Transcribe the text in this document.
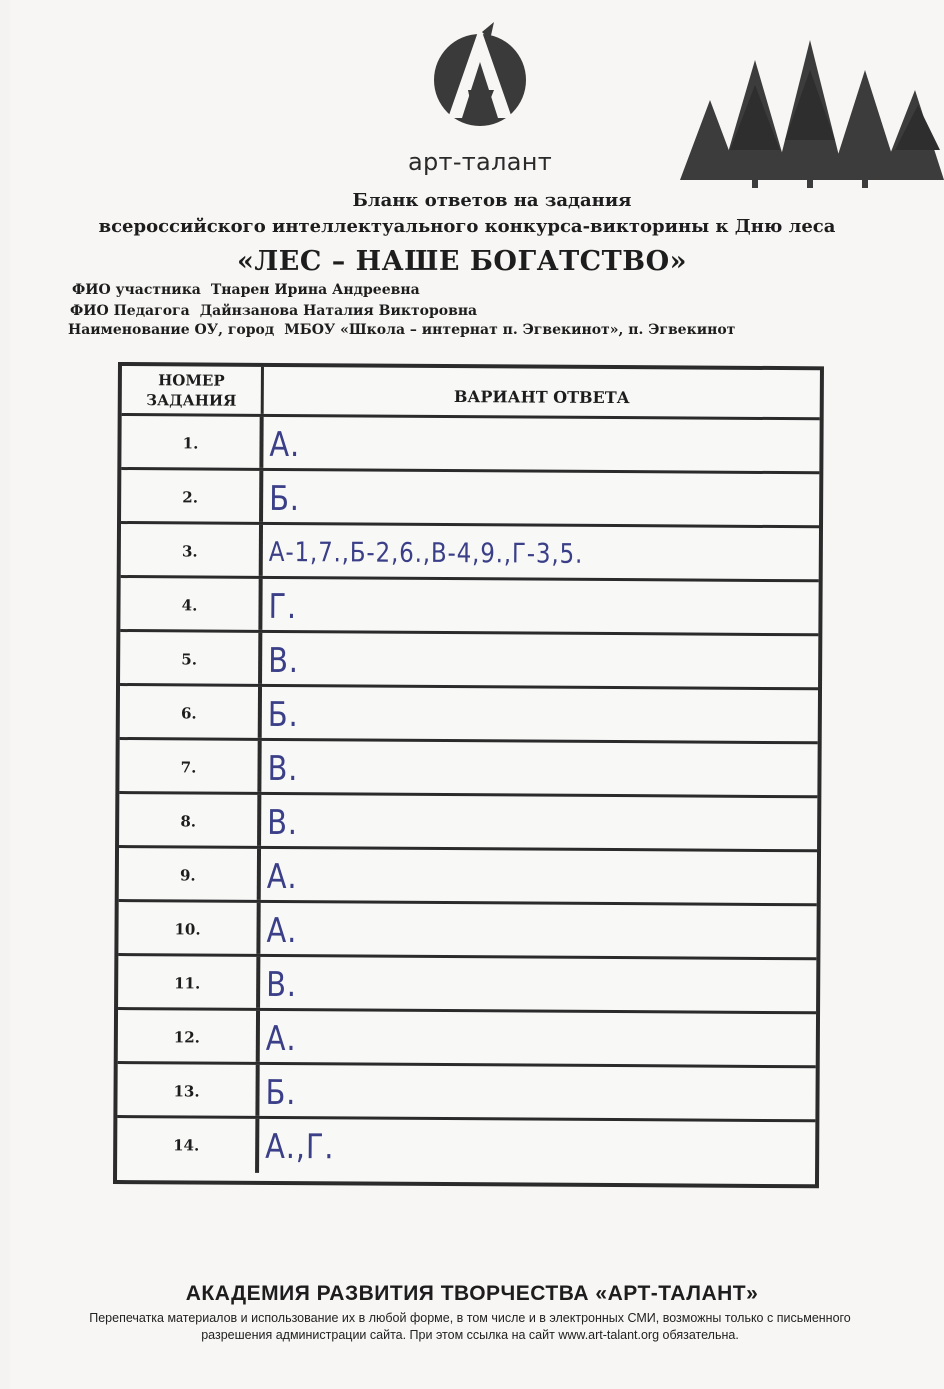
арт-талант
Бланк ответов на задания
всероссийского интеллектуального конкурса-викторины к Дню леса
«ЛЕС – НАШЕ БОГАТСТВО»
ФИО участника Тнарен Ирина Андреевна
ФИО Педагога Дайнзанова Наталия Викторовна
Наименование ОУ, город МБОУ «Школа – интернат п. Эгвекинот», п. Эгвекинот
НОМЕР ЗАДАНИЯ	ВАРИАНТ ОТВЕТА
1.	А.
2.	Б.
3.	А-1,7.,Б-2,6.,В-4,9.,Г-3,5.
4.	Г.
5.	В.
6.	Б.
7.	В.
8.	В.
9.	А.
10.	А.
11.	В.
12.	А.
13.	Б.
14.	А.,Г.
АКАДЕМИЯ РАЗВИТИЯ ТВОРЧЕСТВА «АРТ-ТАЛАНТ»
Перепечатка материалов и использование их в любой форме, в том числе и в электронных СМИ, возможны только с письменного разрешения администрации сайта. При этом ссылка на сайт www.art-talant.org обязательна.
